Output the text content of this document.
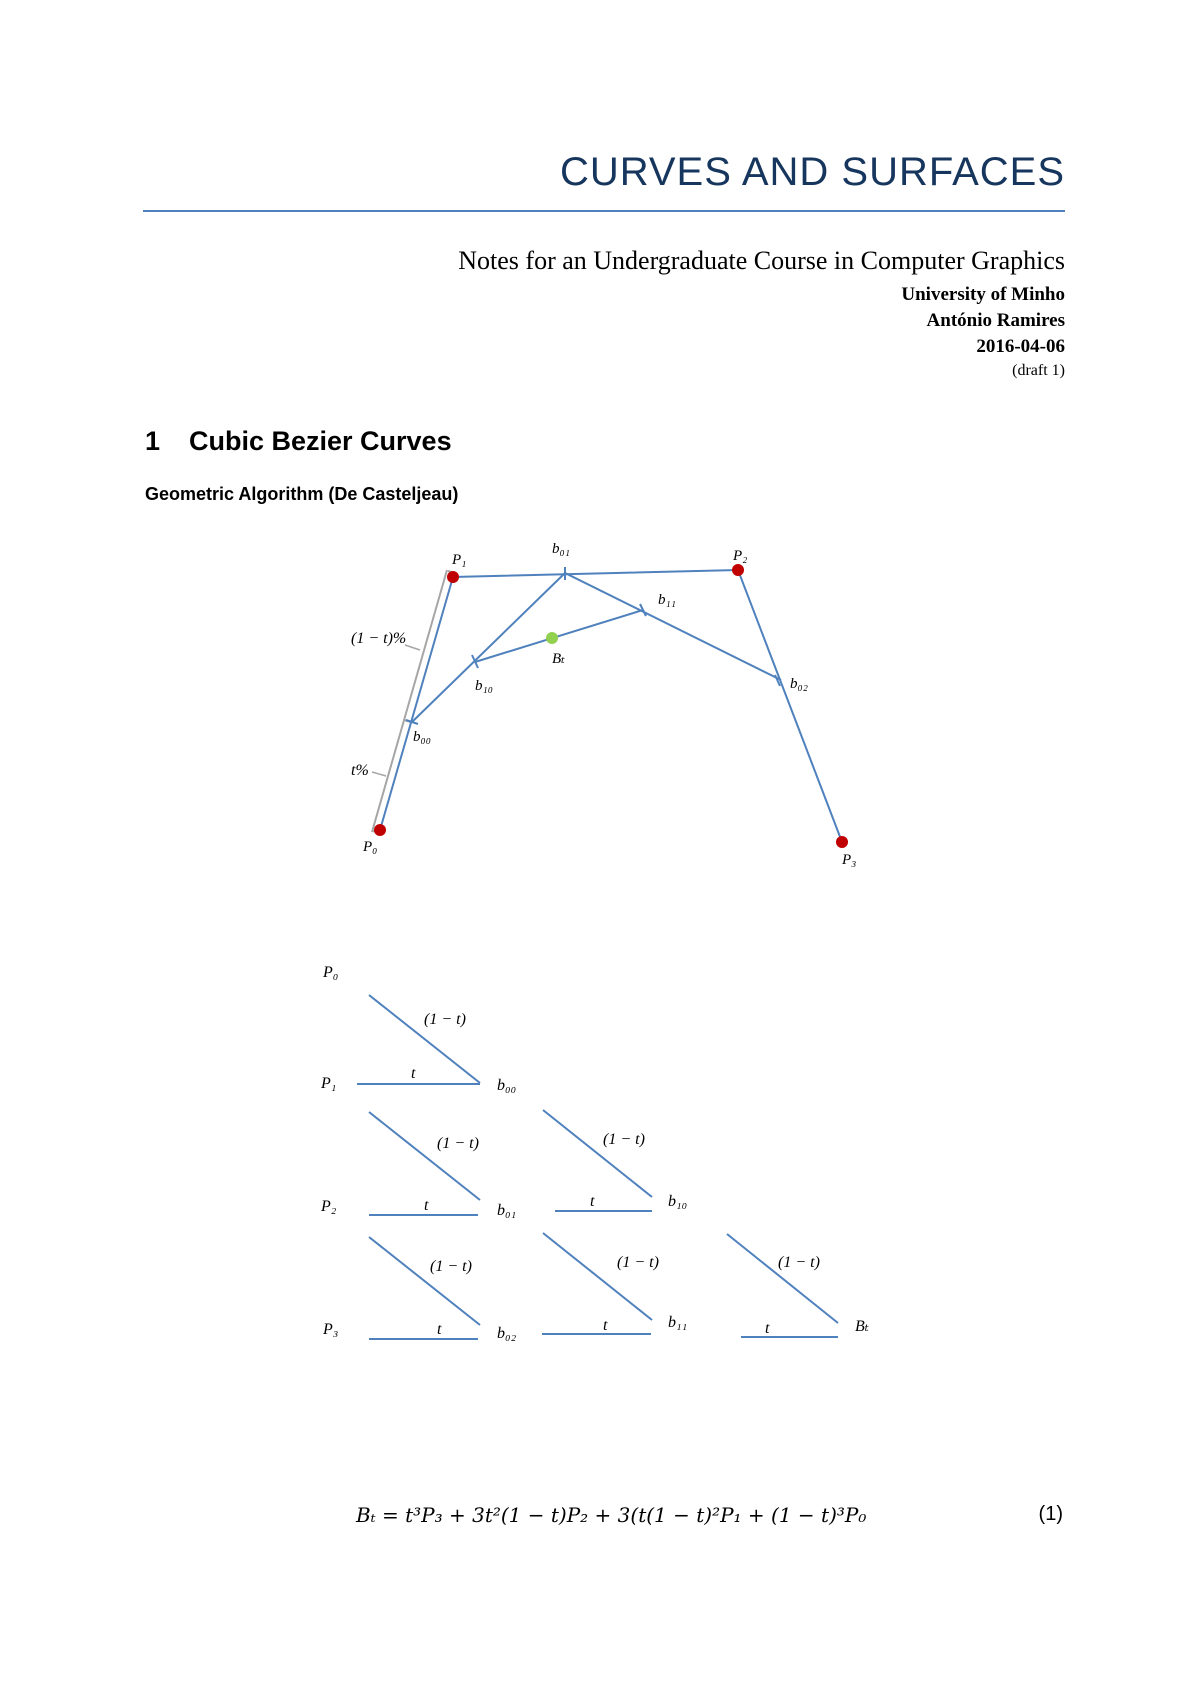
CURVES AND SURFACES
Notes for an Undergraduate Course in Computer Graphics
University of Minho
António Ramires
2016-04-06
(draft 1)
1 Cubic Bezier Curves
Geometric Algorithm (De Casteljeau)
P₀
P₁	P₂
P₃
b₀₁
b₁₁
Bₜ
b₁₀	b₀₂
b₀₀
(1 − t)%
t%
P₀
P₁
P₂
P₃
b₀₀
b₀₁
b₀₂
b₁₀
b₁₁	Bₜ
(1 − t)
(1 − t)	(1 − t)
(1 − t)	(1 − t)	(1 − t)
t
t	t
t	t	t

Bₜ = t³P₃ + 3t²(1 − t)P₂ + 3(t(1 − t)²P₁ + (1 − t)³P₀	(1)
